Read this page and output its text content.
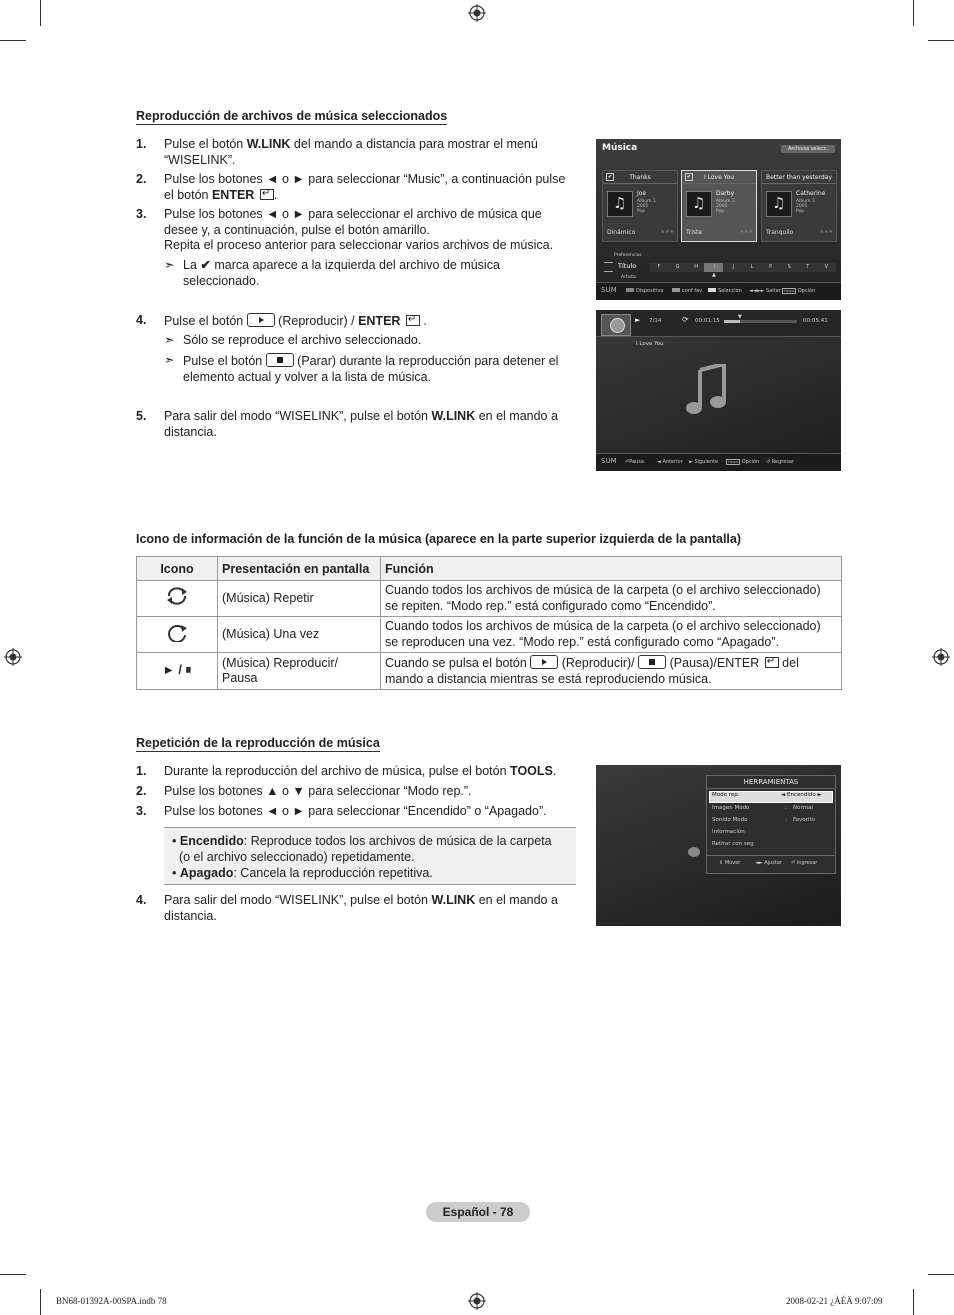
Reproducción de archivos de música seleccionados
1. Pulse el botón W.LINK del mando a distancia para mostrar el menú
“WISELINK”.
2. Pulse los botones ◄ o ► para seleccionar “Music”, a continuación pulse
el botón ENTER ↵ .
3. Pulse los botones ◄ o ► para seleccionar el archivo de música que
desee y, a continuación, pulse el botón amarillo.
Repita el proceso anterior para seleccionar varios archivos de música.
➣ La ✔ marca aparece a la izquierda del archivo de música
seleccionado.
4. Pulse el botón  (Reproducir) / ENTER ↵ .
➣ Sólo se reproduce el archivo seleccionado.
➣ Pulse el botón  (Parar) durante la reproducción para detener el
elemento actual y volver a la lista de música.
5. Para salir del modo “WISELINK”, pulse el botón W.LINK en el mando a
distancia.
Música	Archivos selecc.
✔	Thanks
♫
Joe
Album 1
2005
Pop
Dinámico	★★★
✔	I Love You
♫
Darby
Album 2
2005
Pop
Triste	★★★
Better than yesterday
♫
Catherine
Album 3
2005
Pop
Tranquilo	★★★
Preferencias
Título
Artista
F	G	H	I	J	L	P	S	T	V
▲
SUM	Dispositivo	conf fav	Selección ◄◄►► Saltar	TOOLS Opción
► 7/14	⟳ 00:01:15
▼
00:05:41
I Love You
SUM ⏎Pausa	◄ Anterior ► Siguiente	TOOLS Opción ↺ Regresar
Icono de información de la función de la música (aparece en la parte superior izquierda de la pantalla)
Icono	Presentación en pantalla	Función
	(Música) Repetir	Cuando todos los archivos de música de la carpeta (o el archivo seleccionado)
se repiten. “Modo rep.” está configurado como “Encendido”.
	(Música) Una vez	Cuando todos los archivos de música de la carpeta (o el archivo seleccionado)
se reproducen una vez. “Modo rep.” está configurado como “Apagado”.
► / ⏸	(Música) Reproducir/
Pausa	Cuando se pulsa el botón  (Reproducir)/  (Pausa)/ENTER ↵ del
mando a distancia mientras se está reproduciendo música.
Repetición de la reproducción de música
1. Durante la reproducción del archivo de música, pulse el botón TOOLS.
2. Pulse los botones ▲ o ▼ para seleccionar “Modo rep.”.
3. Pulse los botones ◄ o ► para seleccionar “Encendido” o “Apagado”.
• Encendido: Reproduce todos los archivos de música de la carpeta
(o el archivo seleccionado) repetidamente.
• Apagado: Cancela la reproducción repetitiva.
4. Para salir del modo “WISELINK”, pulse el botón W.LINK en el mando a
distancia.
HERRAMIENTAS
Modo rep.	◄ Encendido ►
Imagen Modo	: Normal
Sonido Modo	: Favorito
Información
Retirar con seg
⇕ Mover	◄► Ajustar ⏎ Ingresar
Español - 78
BN68-01392A-00SPA.indb 78	2008-02-21 ¿ÀÈÄ 9:07:09
